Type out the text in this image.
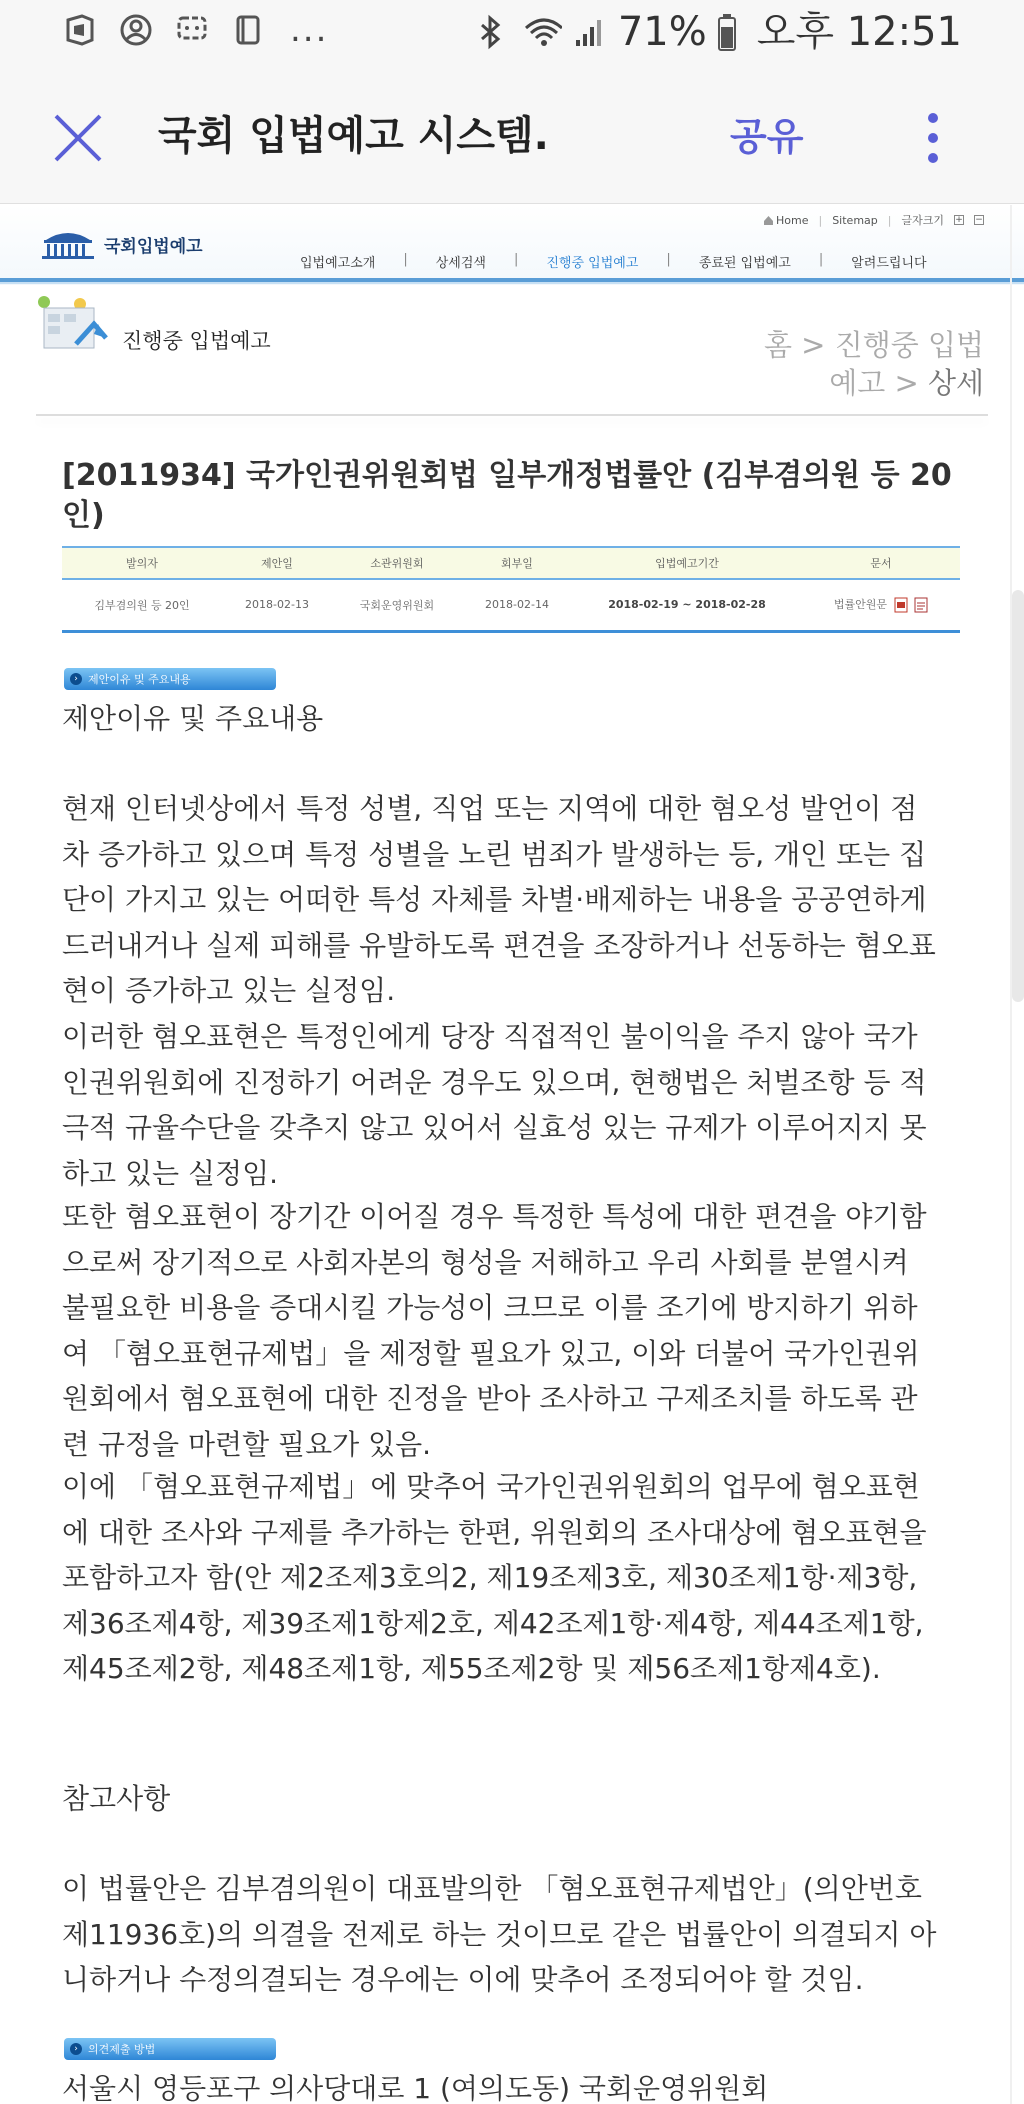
...	71% 오후 12:51
국회 입법예고 시스템.	공유
국회입법예고
Home | Sitemap | 글자크기 + −
입법예고소개 | 상세검색 | 진행중 입법예고 | 종료된 입법예고 | 알려드립니다
진행중 입법예고	홈 > 진행중 입법예고 > 상세
[2011934] 국가인권위원회법 일부개정법률안 (김부겸의원 등 20인)
발의자	제안일	소관위원회	회부일	입법예고기간	문서
김부겸의원 등 20인	2018-02-13	국회운영위원회	2018-02-14	2018-02-19 ~ 2018-02-28	법률안원문
› 제안이유 및 주요내용
제안이유 및 주요내용
현재 인터넷상에서 특정 성별, 직업 또는 지역에 대한 혐오성 발언이 점차 증가하고 있으며 특정 성별을 노린 범죄가 발생하는 등, 개인 또는 집단이 가지고 있는 어떠한 특성 자체를 차별·배제하는 내용을 공공연하게 드러내거나 실제 피해를 유발하도록 편견을 조장하거나 선동하는 혐오표현이 증가하고 있는 실정임.
이러한 혐오표현은 특정인에게 당장 직접적인 불이익을 주지 않아 국가인권위원회에 진정하기 어려운 경우도 있으며, 현행법은 처벌조항 등 적극적 규율수단을 갖추지 않고 있어서 실효성 있는 규제가 이루어지지 못하고 있는 실정임.
또한 혐오표현이 장기간 이어질 경우 특정한 특성에 대한 편견을 야기함으로써 장기적으로 사회자본의 형성을 저해하고 우리 사회를 분열시켜 불필요한 비용을 증대시킬 가능성이 크므로 이를 조기에 방지하기 위하여 「혐오표현규제법」을 제정할 필요가 있고, 이와 더불어 국가인권위원회에서 혐오표현에 대한 진정을 받아 조사하고 구제조치를 하도록 관련 규정을 마련할 필요가 있음.
이에 「혐오표현규제법」에 맞추어 국가인권위원회의 업무에 혐오표현에 대한 조사와 구제를 추가하는 한편, 위원회의 조사대상에 혐오표현을 포함하고자 함(안 제2조제3호의2, 제19조제3호, 제30조제1항·제3항, 제36조제4항, 제39조제1항제2호, 제42조제1항·제4항, 제44조제1항, 제45조제2항, 제48조제1항, 제55조제2항 및 제56조제1항제4호).
참고사항
이 법률안은 김부겸의원이 대표발의한 「혐오표현규제법안」(의안번호 제11936호)의 의결을 전제로 하는 것이므로 같은 법률안이 의결되지 아니하거나 수정의결되는 경우에는 이에 맞추어 조정되어야 할 것임.
› 의견제출 방법
서울시 영등포구 의사당대로 1 (여의도동) 국회운영위원회
